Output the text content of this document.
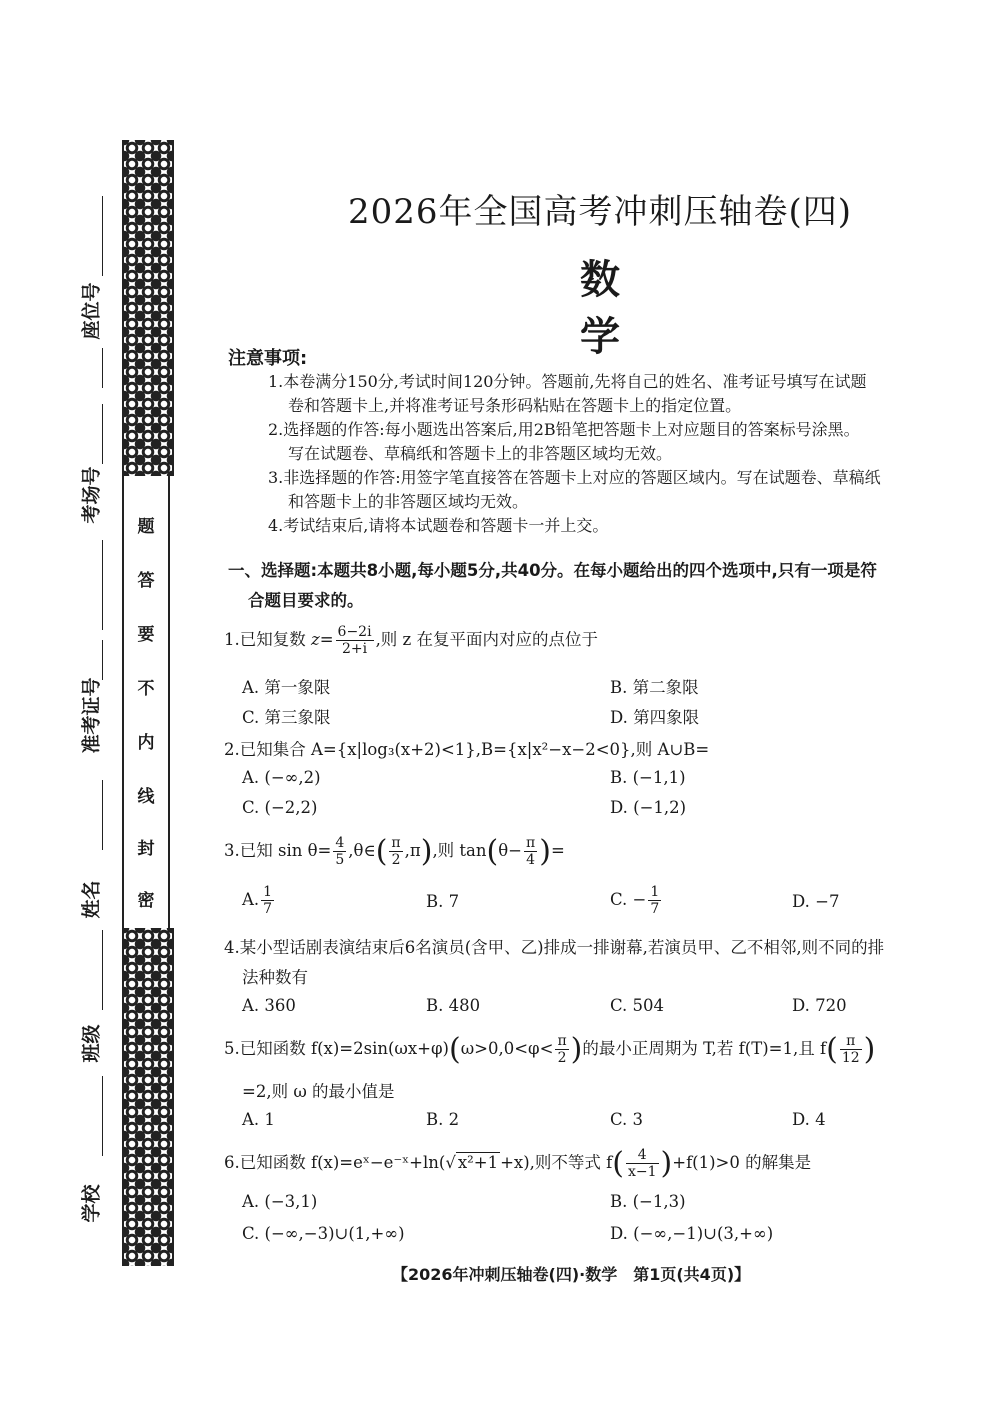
座位号
考场号
准考证号
姓名
班级
学校
题
答
要
不
内
线
封
密
2026年全国高考冲刺压轴卷(四)
数学
注意事项:
1.本卷满分150分,考试时间120分钟。答题前,先将自己的姓名、准考证号填写在试题
卷和答题卡上,并将准考证号条形码粘贴在答题卡上的指定位置。
2.选择题的作答:每小题选出答案后,用2B铅笔把答题卡上对应题目的答案标号涂黑。
写在试题卷、草稿纸和答题卡上的非答题区域均无效。
3.非选择题的作答:用签字笔直接答在答题卡上对应的答题区域内。写在试题卷、草稿纸
和答题卡上的非答题区域均无效。
4.考试结束后,请将本试题卷和答题卡一并上交。
一、选择题:本题共8小题,每小题5分,共40分。在每小题给出的四个选项中,只有一项是符
合题目要求的。
1.已知复数 $z= \frac{6-2i}{2+i}$ ,则 z 在复平面内对应的点位于
A. 第一象限	B. 第二象限
C. 第三象限	D. 第四象限
2.已知集合 A={x|log₃(x+2)<1},B={x|x²−x−2<0},则 A∪B=
A. (−∞,2)	B. (−1,1)
C. (−2,2)	D. (−1,2)
3.已知 $\sin \theta= \frac{4}{5}$ ,θ∈( $\frac{\pi}{2} ,\pi$),则 $\tan(\theta- \frac{\pi}{4}$ )=
A. $\frac{1}{7}$	B. 7	C. − $\frac{1}{7}$	D. −7
4.某小型话剧表演结束后6名演员(含甲、乙)排成一排谢幕,若演员甲、乙不相邻,则不同的排
法种数有
A. 360	B. 480	C. 504	D. 720
5.已知函数 $f(x)=2\sin(\omega x+\varphi)(\omega>0,0<\varphi< \frac{\pi}{2}$ )的最小正周期为 T,若 f(T)=1,且 $f( \frac{\pi}{12}$ )
=2,则 ω 的最小值是
A. 1	B. 2	C. 3	D. 4
6.已知函数 f(x)=eˣ−e⁻ˣ+ln(√ x²+1 +x),则不等式 $f( \frac{4}{x-1} )+f(1)>0$ 的解集是
A. (−3,1)	B. (−1,3)
C. (−∞,−3)∪(1,+∞)	D. (−∞,−1)∪(3,+∞)
【2026年冲刺压轴卷(四)·数学　第1页(共4页)】
